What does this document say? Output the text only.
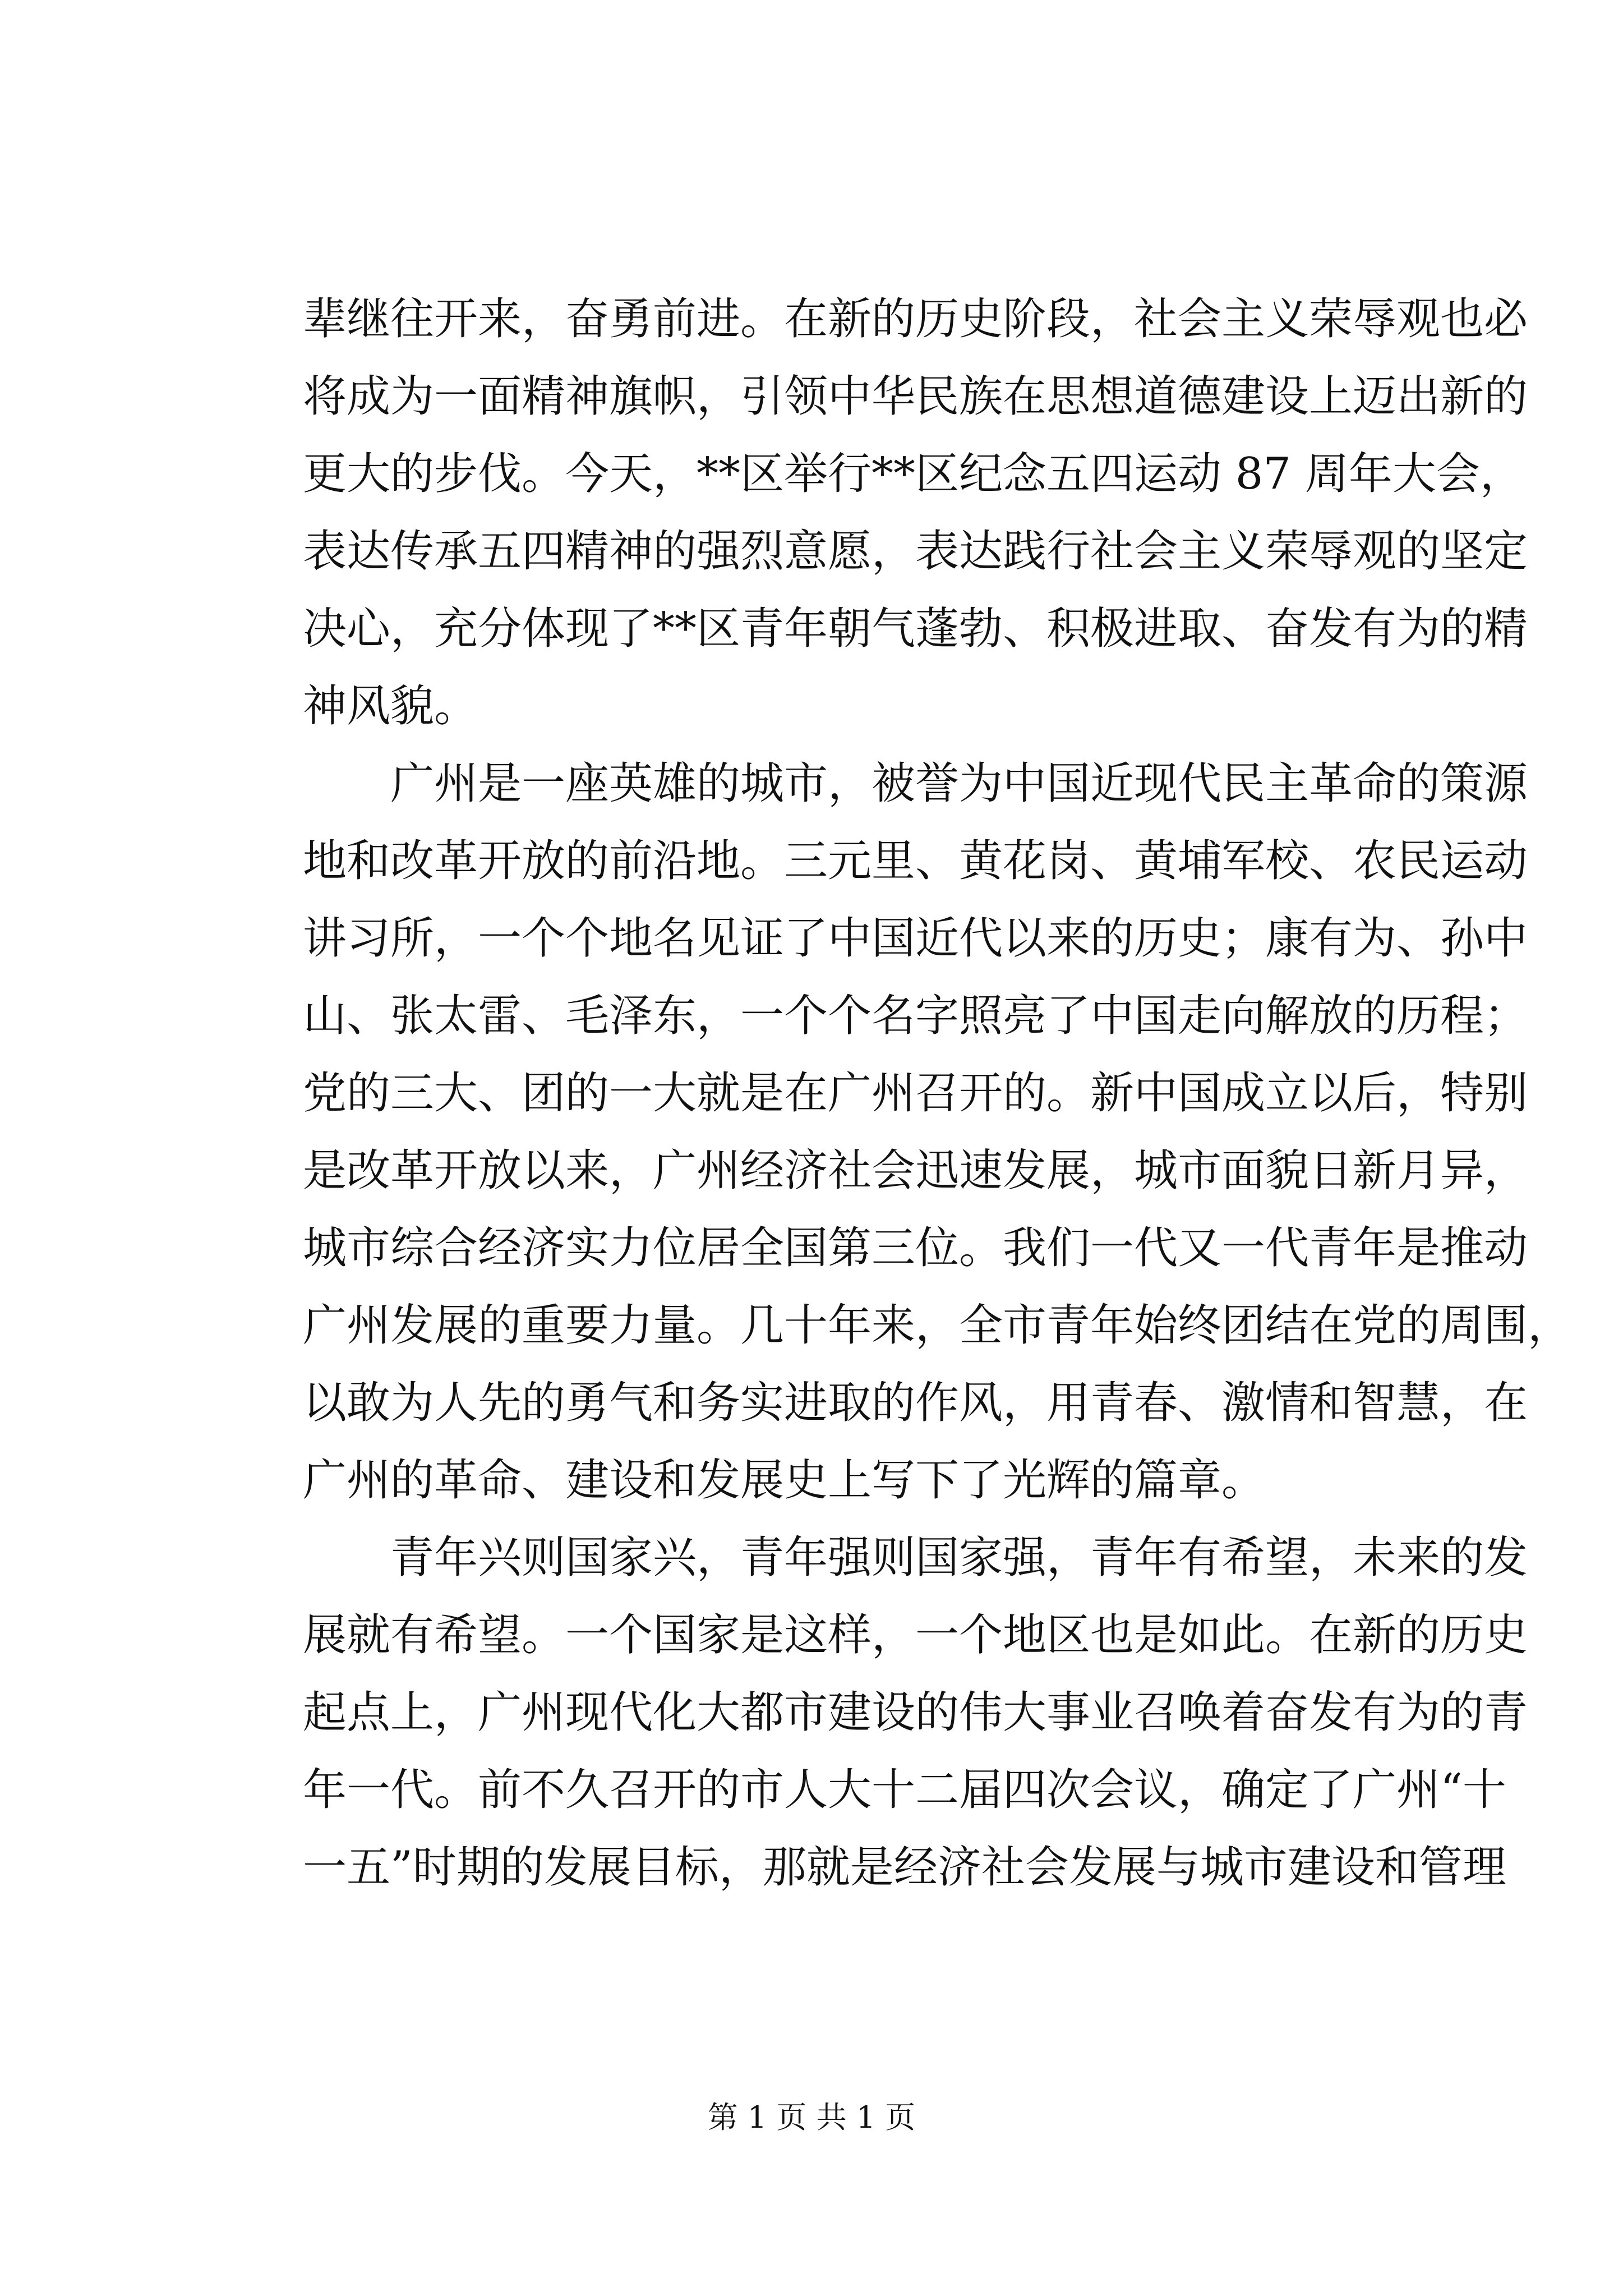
辈继往开来，奋勇前进。在新的历史阶段，社会主义荣辱观也必
将成为一面精神旗帜，引领中华民族在思想道德建设上迈出新的
更大的步伐。今天，**区举行**区纪念五四运动 87 周年大会，
表达传承五四精神的强烈意愿，表达践行社会主义荣辱观的坚定
决心，充分体现了**区青年朝气蓬勃、积极进取、奋发有为的精
神风貌。
广州是一座英雄的城市，被誉为中国近现代民主革命的策源
地和改革开放的前沿地。三元里、黄花岗、黄埔军校、农民运动
讲习所，一个个地名见证了中国近代以来的历史；康有为、孙中
山、张太雷、毛泽东，一个个名字照亮了中国走向解放的历程；
党的三大、团的一大就是在广州召开的。新中国成立以后，特别
是改革开放以来，广州经济社会迅速发展，城市面貌日新月异，
城市综合经济实力位居全国第三位。我们一代又一代青年是推动
广州发展的重要力量。几十年来，全市青年始终团结在党的周围，
以敢为人先的勇气和务实进取的作风，用青春、激情和智慧，在
广州的革命、建设和发展史上写下了光辉的篇章。
青年兴则国家兴，青年强则国家强，青年有希望，未来的发
展就有希望。一个国家是这样，一个地区也是如此。在新的历史
起点上，广州现代化大都市建设的伟大事业召唤着奋发有为的青
年一代。前不久召开的市人大十二届四次会议，确定了广州“十
一五”时期的发展目标，那就是经济社会发展与城市建设和管理
第 1 页 共 1 页
